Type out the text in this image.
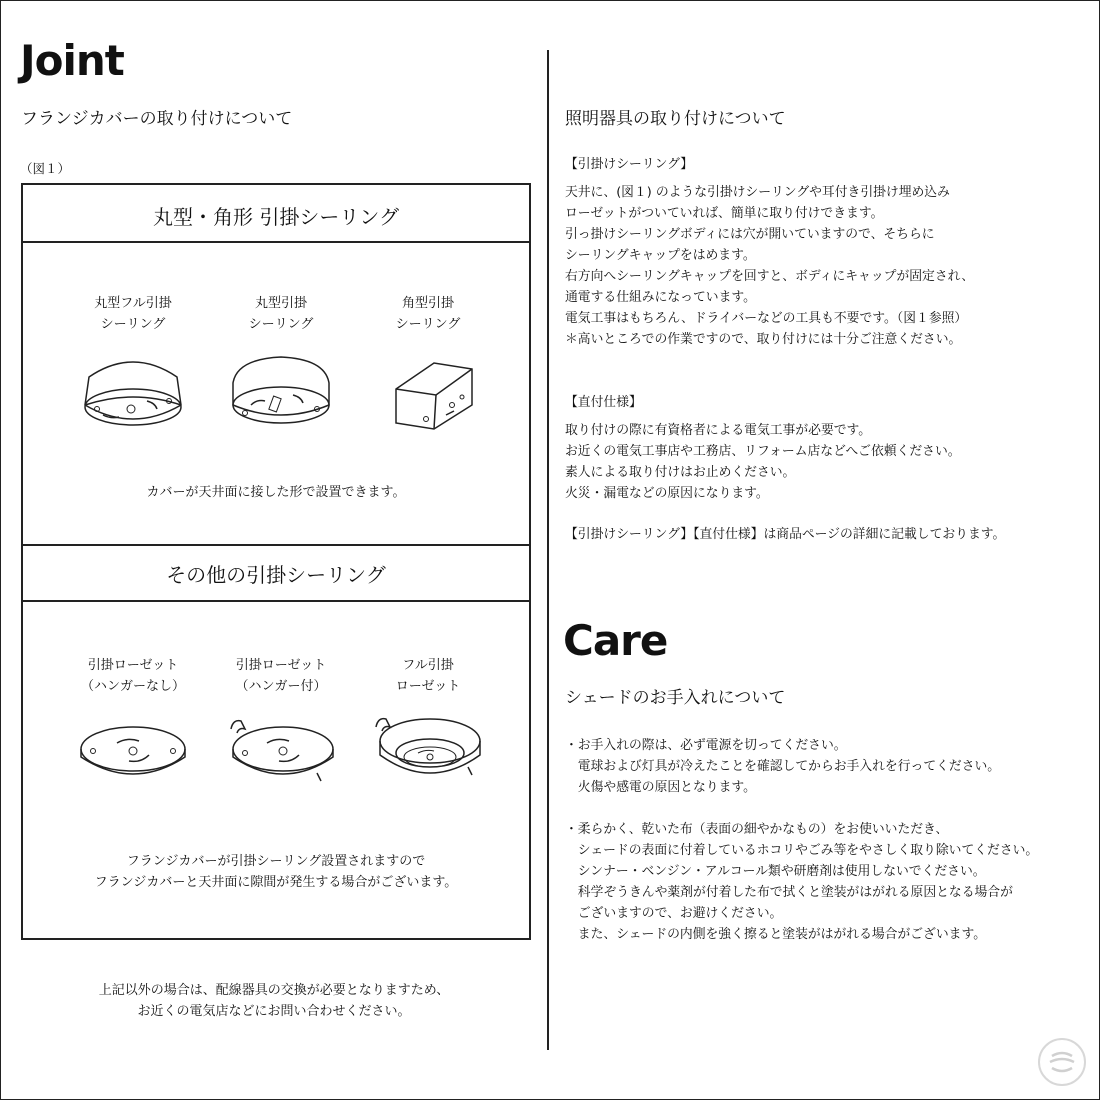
Joint

フランジカバーの取り付けについて

（図１）
丸型・角形 引掛シーリング
丸型フル引掛
シーリング
丸型引掛
シーリング
角型引掛
シーリング
カバーが天井面に接した形で設置できます。
その他の引掛シーリング
引掛ローゼット
（ハンガーなし）
引掛ローゼット
（ハンガー付）
フル引掛
ローゼット
フランジカバーが引掛シーリング設置されますので
フランジカバーと天井面に隙間が発生する場合がございます。
上記以外の場合は、配線器具の交換が必要となりますため、
お近くの電気店などにお問い合わせください。

照明器具の取り付けについて

【引掛けシーリング】

天井に、(図１) のような引掛けシーリングや耳付き引掛け埋め込み

ローゼットがついていれば、簡単に取り付けできます。

引っ掛けシーリングボディには穴が開いていますので、そちらに

シーリングキャップをはめます。

右方向へシーリングキャップを回すと、ボディにキャップが固定され、

通電する仕組みになっています。

電気工事はもちろん、ドライバーなどの工具も不要です。（図１参照）

＊高いところでの作業ですので、取り付けには十分ご注意ください。

【直付仕様】

取り付けの際に有資格者による電気工事が必要です。

お近くの電気工事店や工務店、リフォーム店などへご依頼ください。

素人による取り付けはお止めください。

火災・漏電などの原因になります。

【引掛けシーリング】【直付仕様】は商品ページの詳細に記載しております。

Care

シェードのお手入れについて

・お手入れの際は、必ず電源を切ってください。

　電球および灯具が冷えたことを確認してからお手入れを行ってください。

　火傷や感電の原因となります。

・柔らかく、乾いた布（表面の細やかなもの）をお使いいただき、

　シェードの表面に付着しているホコリやごみ等をやさしく取り除いてください。

　シンナー・ベンジン・アルコール類や研磨剤は使用しないでください。

　科学ぞうきんや薬剤が付着した布で拭くと塗装がはがれる原因となる場合が

　ございますので、お避けください。

　また、シェードの内側を強く擦ると塗装がはがれる場合がございます。
